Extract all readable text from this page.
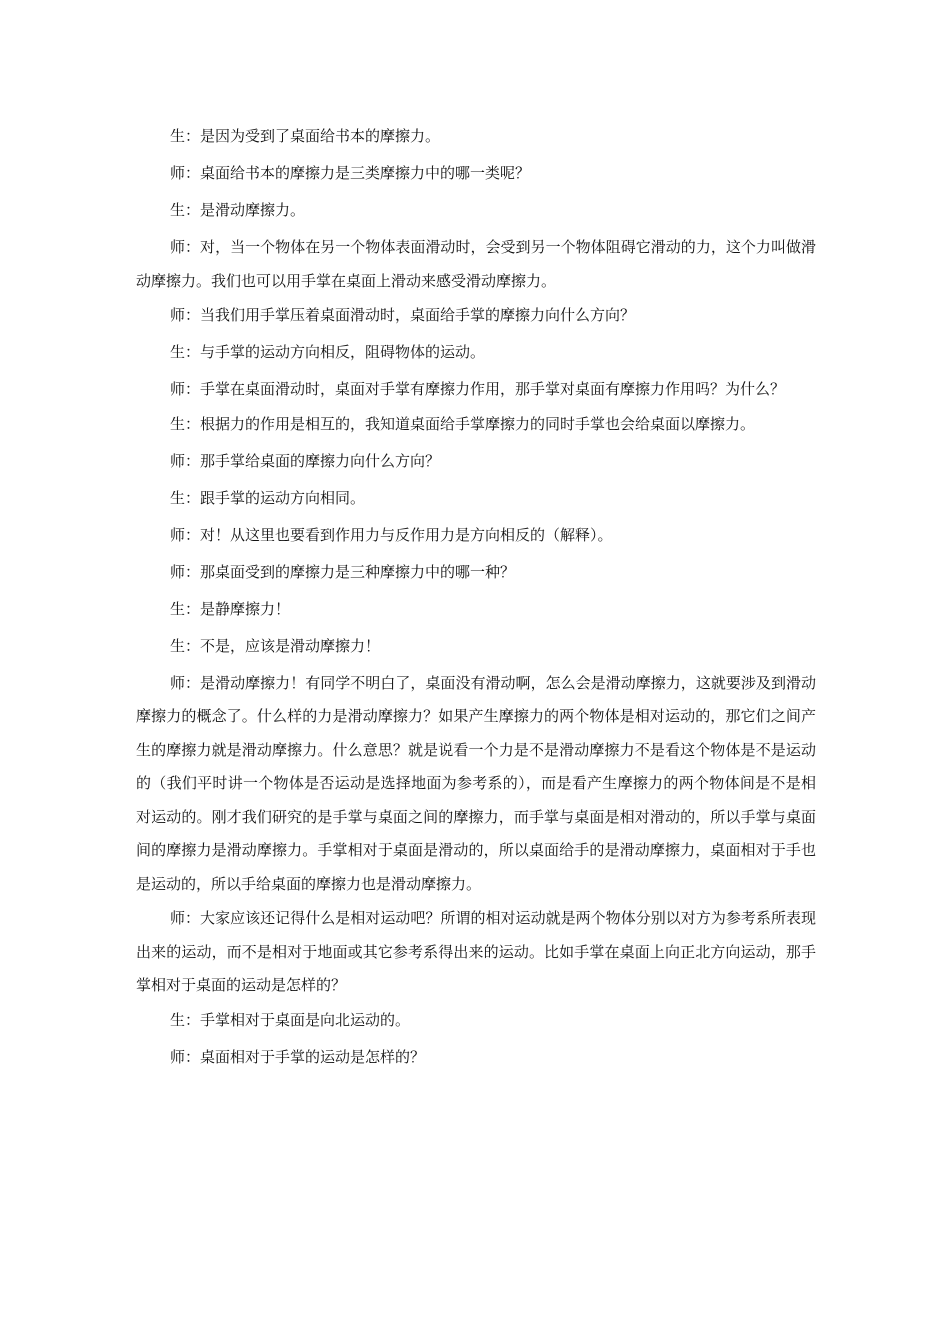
生：是因为受到了桌面给书本的摩擦力。

师：桌面给书本的摩擦力是三类摩擦力中的哪一类呢？

生：是滑动摩擦力。

师：对，当一个物体在另一个物体表面滑动时，会受到另一个物体阻碍它滑动的力，这个力叫做滑动摩擦力。我们也可以用手掌在桌面上滑动来感受滑动摩擦力。

师：当我们用手掌压着桌面滑动时，桌面给手掌的摩擦力向什么方向？

生：与手掌的运动方向相反，阻碍物体的运动。

师：手掌在桌面滑动时，桌面对手掌有摩擦力作用，那手掌对桌面有摩擦力作用吗？为什么？

生：根据力的作用是相互的，我知道桌面给手掌摩擦力的同时手掌也会给桌面以摩擦力。

师：那手掌给桌面的摩擦力向什么方向？

生：跟手掌的运动方向相同。

师：对！从这里也要看到作用力与反作用力是方向相反的（解释）。

师：那桌面受到的摩擦力是三种摩擦力中的哪一种？

生：是静摩擦力！

生：不是，应该是滑动摩擦力！

师：是滑动摩擦力！有同学不明白了，桌面没有滑动啊，怎么会是滑动摩擦力，这就要涉及到滑动摩擦力的概念了。什么样的力是滑动摩擦力？如果产生摩擦力的两个物体是相对运动的，那它们之间产生的摩擦力就是滑动摩擦力。什么意思？就是说看一个力是不是滑动摩擦力不是看这个物体是不是运动的（我们平时讲一个物体是否运动是选择地面为参考系的），而是看产生摩擦力的两个物体间是不是相对运动的。刚才我们研究的是手掌与桌面之间的摩擦力，而手掌与桌面是相对滑动的，所以手掌与桌面间的摩擦力是滑动摩擦力。手掌相对于桌面是滑动的，所以桌面给手的是滑动摩擦力，桌面相对于手也是运动的，所以手给桌面的摩擦力也是滑动摩擦力。

师：大家应该还记得什么是相对运动吧？所谓的相对运动就是两个物体分别以对方为参考系所表现出来的运动，而不是相对于地面或其它参考系得出来的运动。比如手掌在桌面上向正北方向运动，那手掌相对于桌面的运动是怎样的？

生：手掌相对于桌面是向北运动的。

师：桌面相对于手掌的运动是怎样的？
